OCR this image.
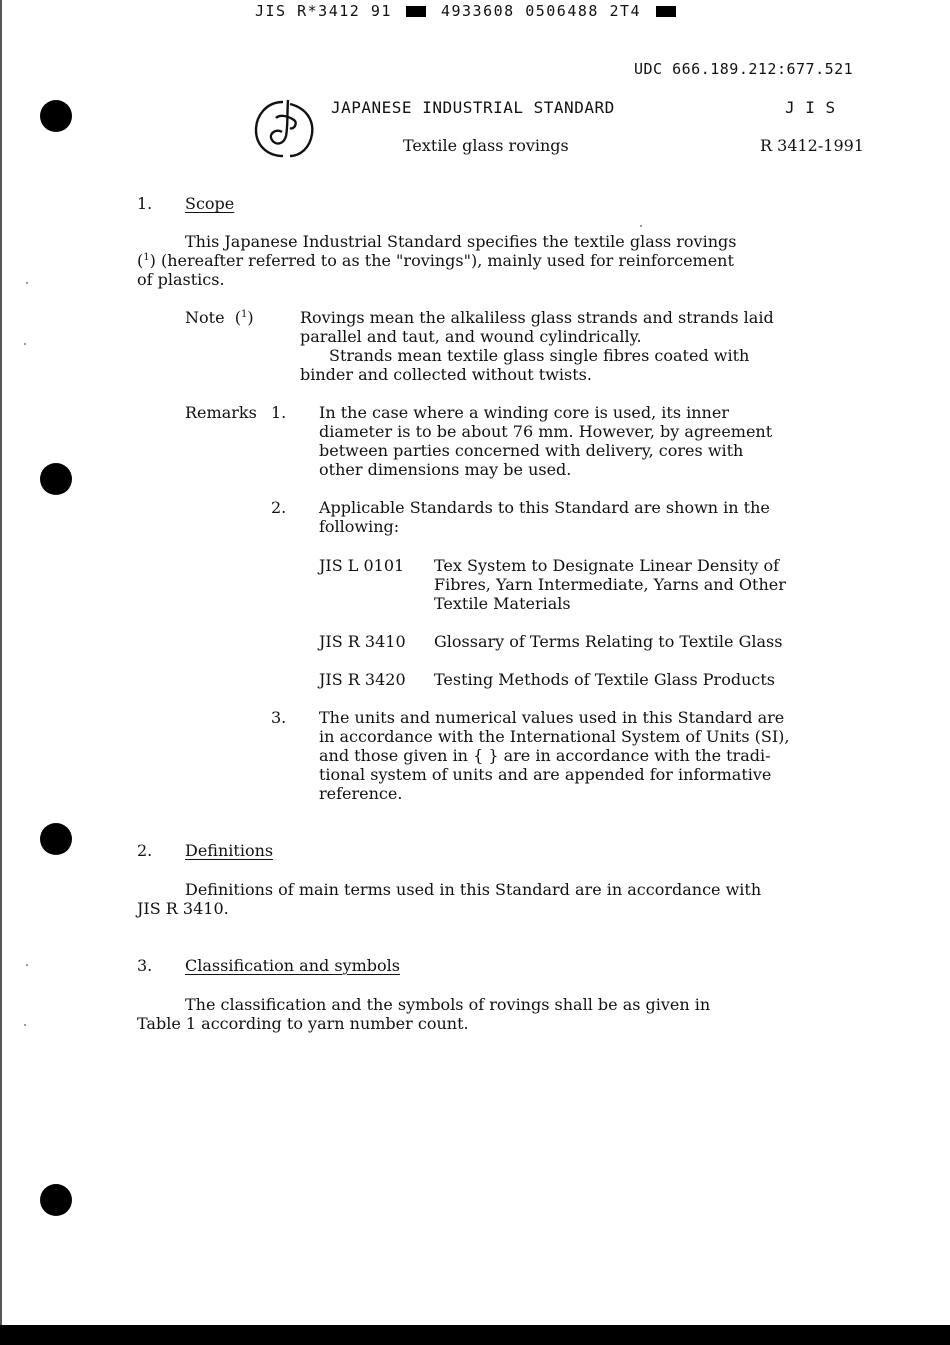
JIS R*3412 91	4933608 0506488 2T4
UDC 666.189.212:677.521
JAPANESE INDUSTRIAL STANDARD	J I S
Textile glass rovings	R 3412-1991
1. Scope
This Japanese Industrial Standard specifies the textile glass rovings
($^1$) (hereafter referred to as the "rovings"), mainly used for reinforcement
of plastics.
Note  ($^1$)	Rovings mean the alkaliless glass strands and strands laid
parallel and taut, and wound cylindrically.
Strands mean textile glass single fibres coated with
binder and collected without twists.
Remarks 1. In the case where a winding core is used, its inner
diameter is to be about 76 mm. However, by agreement
between parties concerned with delivery, cores with
other dimensions may be used.
2. Applicable Standards to this Standard are shown in the
following:
JIS L 0101 Tex System to Designate Linear Density of
Fibres, Yarn Intermediate, Yarns and Other
Textile Materials
JIS R 3410 Glossary of Terms Relating to Textile Glass
JIS R 3420 Testing Methods of Textile Glass Products
3. The units and numerical values used in this Standard are
in accordance with the International System of Units (SI),
and those given in { } are in accordance with the tradi-
tional system of units and are appended for informative
reference.
2. Definitions
Definitions of main terms used in this Standard are in accordance with
JIS R 3410.
3. Classification and symbols
The classification and the symbols of rovings shall be as given in
Table 1 according to yarn number count.
